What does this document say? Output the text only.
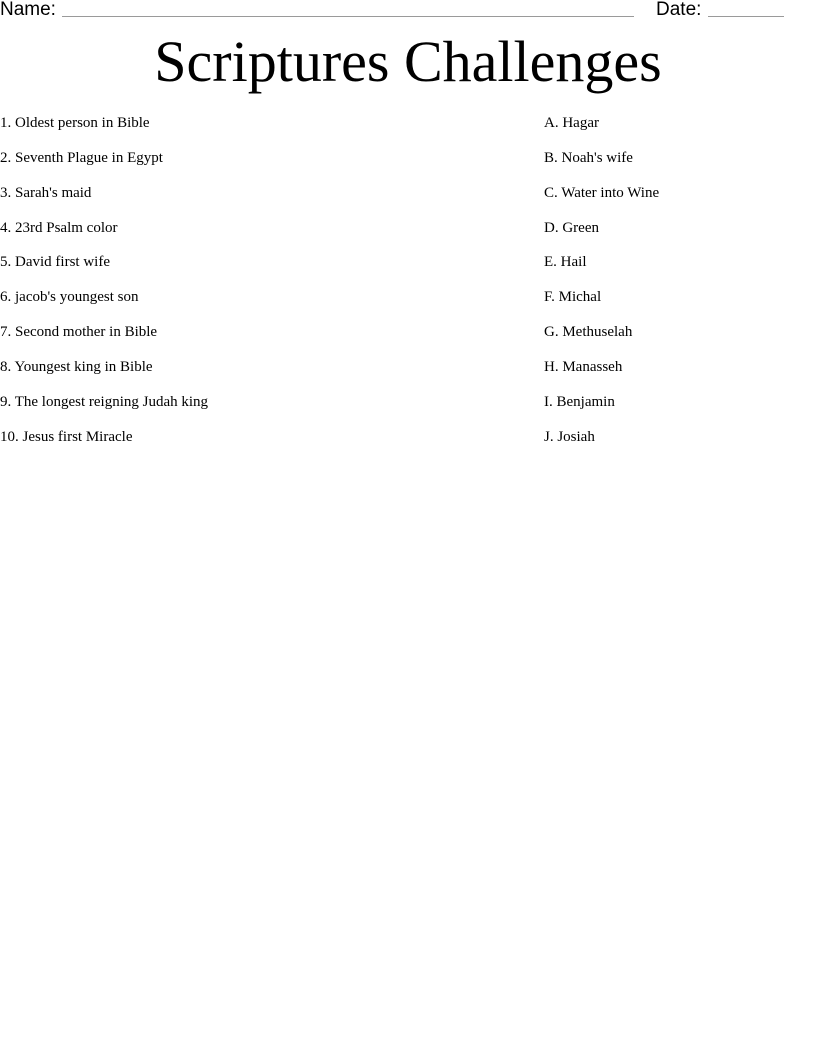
Name:	Date:
Scriptures Challenges
1. Oldest person in Bible
2. Seventh Plague in Egypt
3. Sarah's maid
4. 23rd Psalm color
5. David first wife
6. jacob's youngest son
7. Second mother in Bible
8. Youngest king in Bible
9. The longest reigning Judah king
10. Jesus first Miracle
A. Hagar
B. Noah's wife
C. Water into Wine
D. Green
E. Hail
F. Michal
G. Methuselah
H. Manasseh
I. Benjamin
J. Josiah
